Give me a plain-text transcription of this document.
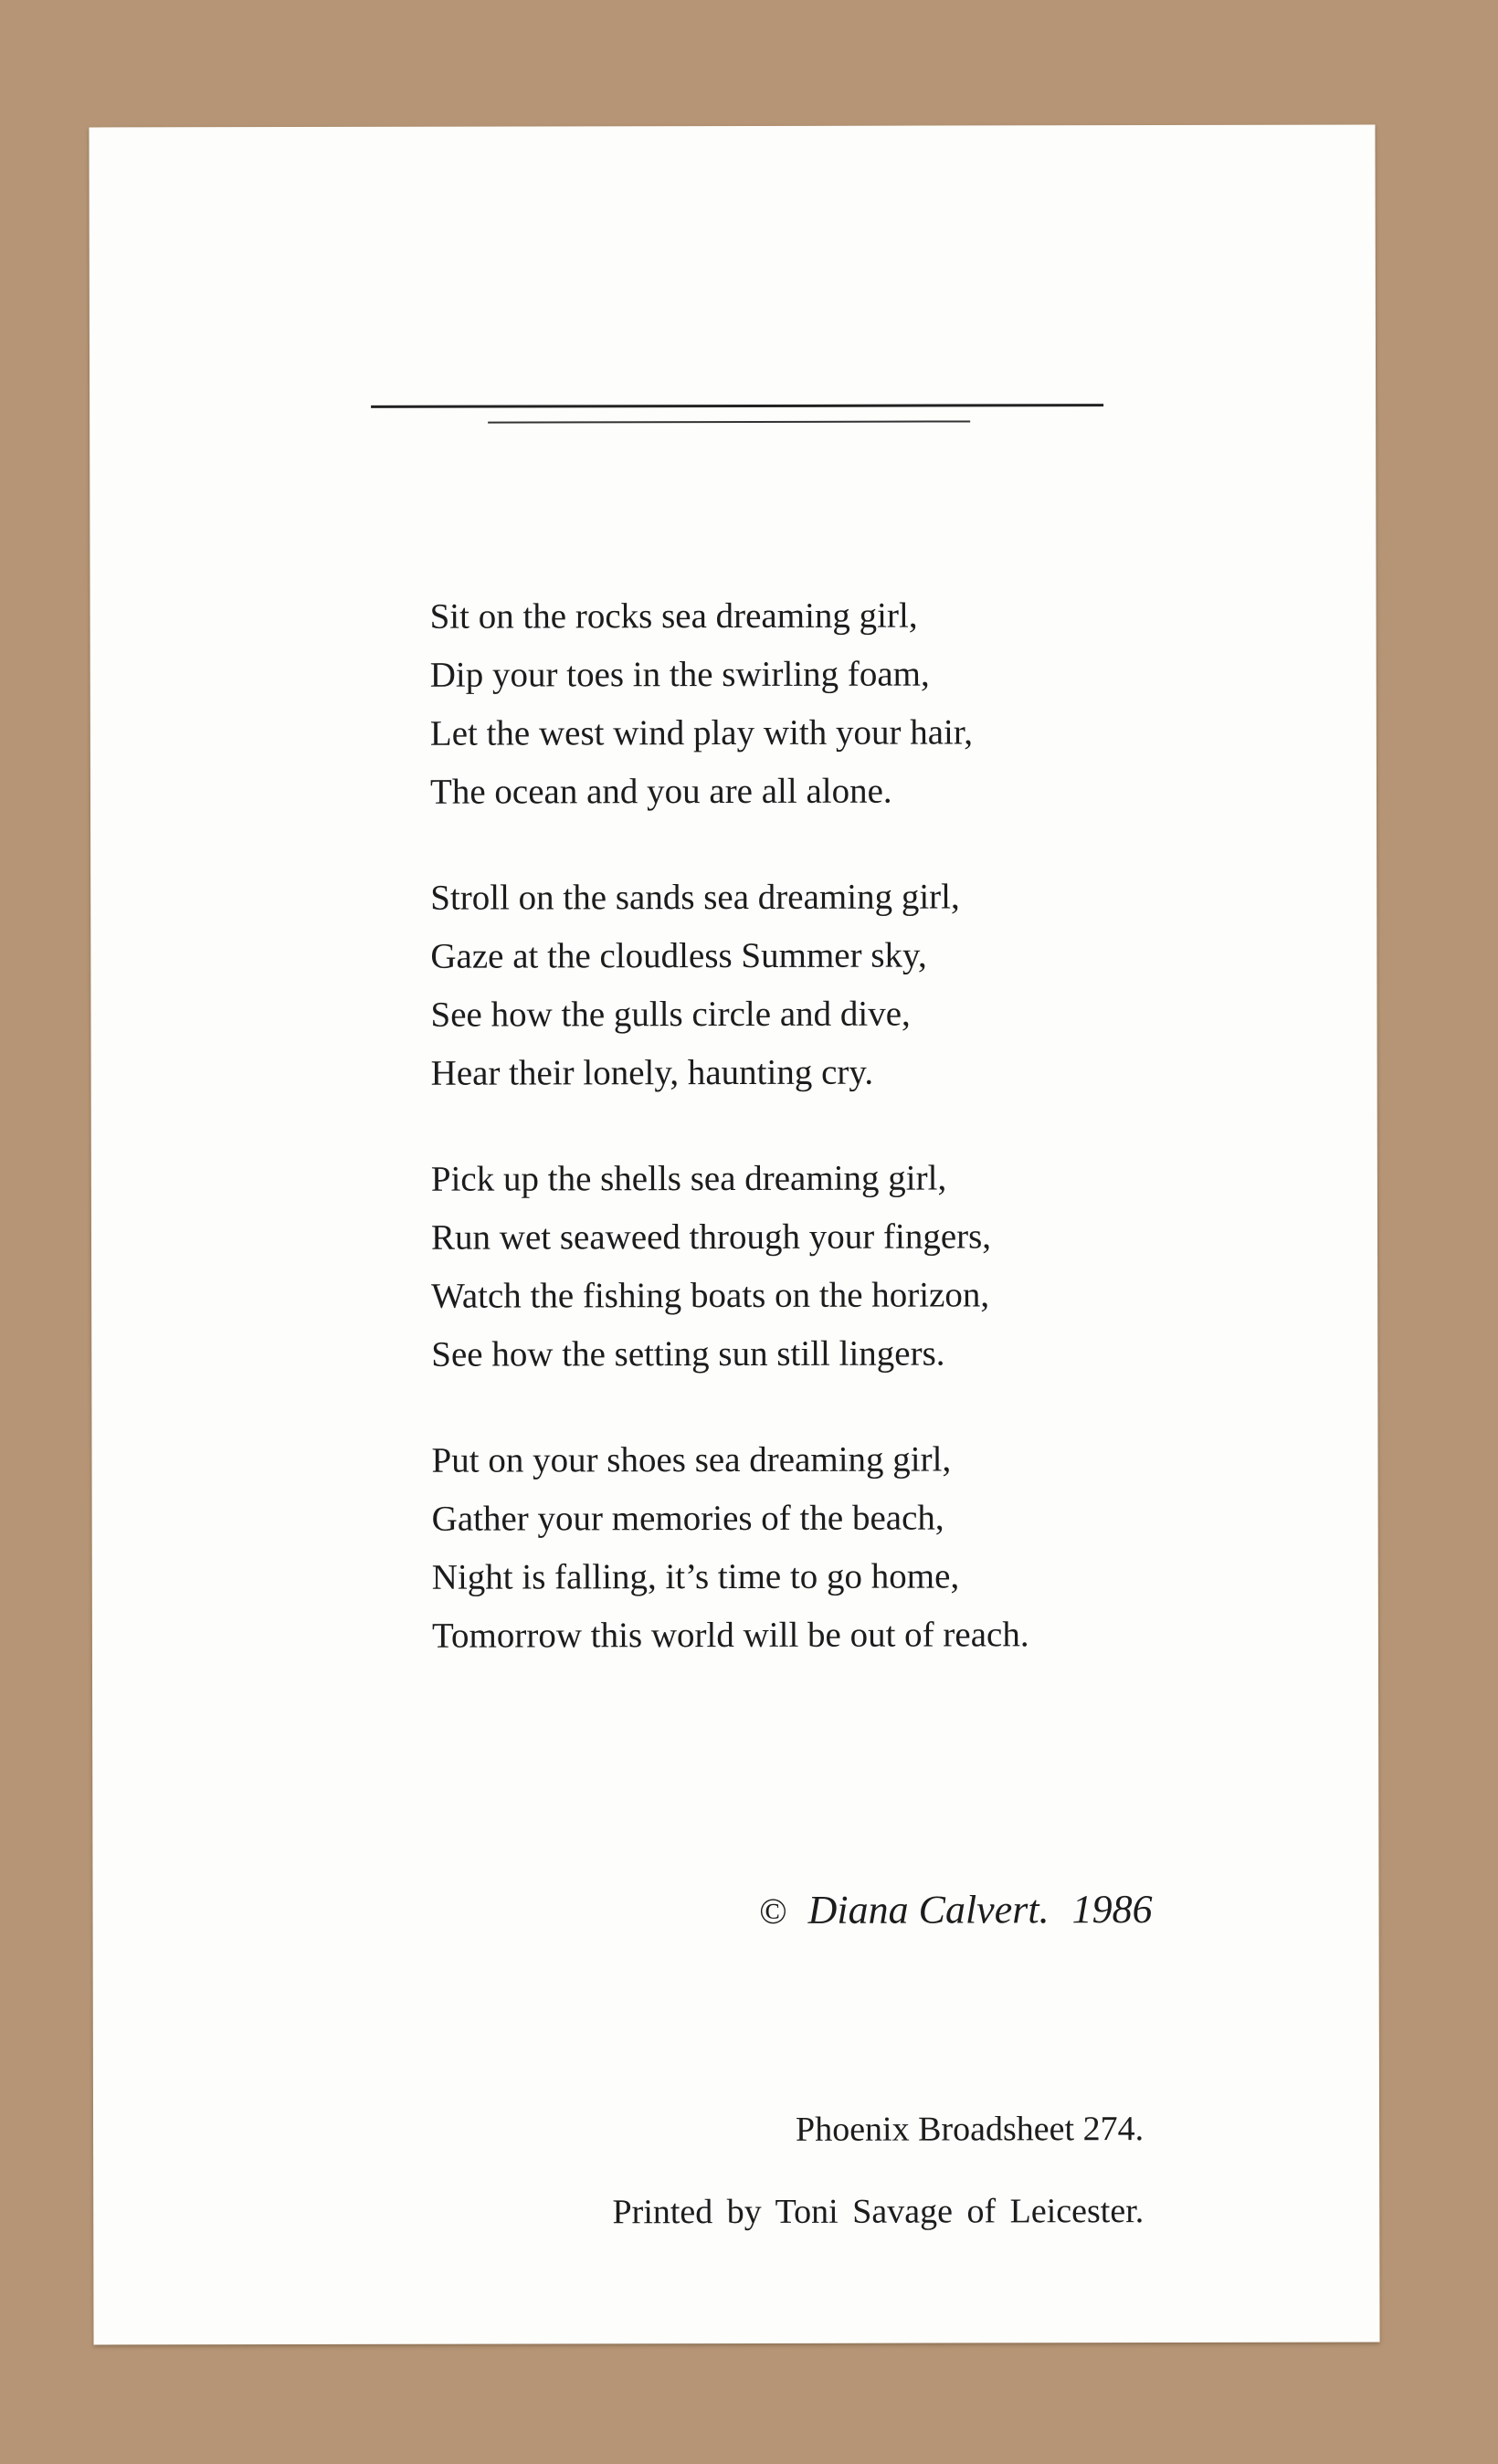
Sit on the rocks sea dreaming girl,
Dip your toes in the swirling foam,
Let the west wind play with your hair,
The ocean and you are all alone.
Stroll on the sands sea dreaming girl,
Gaze at the cloudless Summer sky,
See how the gulls circle and dive,
Hear their lonely, haunting cry.
Pick up the shells sea dreaming girl,
Run wet seaweed through your fingers,
Watch the fishing boats on the horizon,
See how the setting sun still lingers.
Put on your shoes sea dreaming girl,
Gather your memories of the beach,
Night is falling, it’s time to go home,
Tomorrow this world will be out of reach.
© Diana Calvert. 1986
Phoenix Broadsheet 274.
Printed by Toni Savage of Leicester.
